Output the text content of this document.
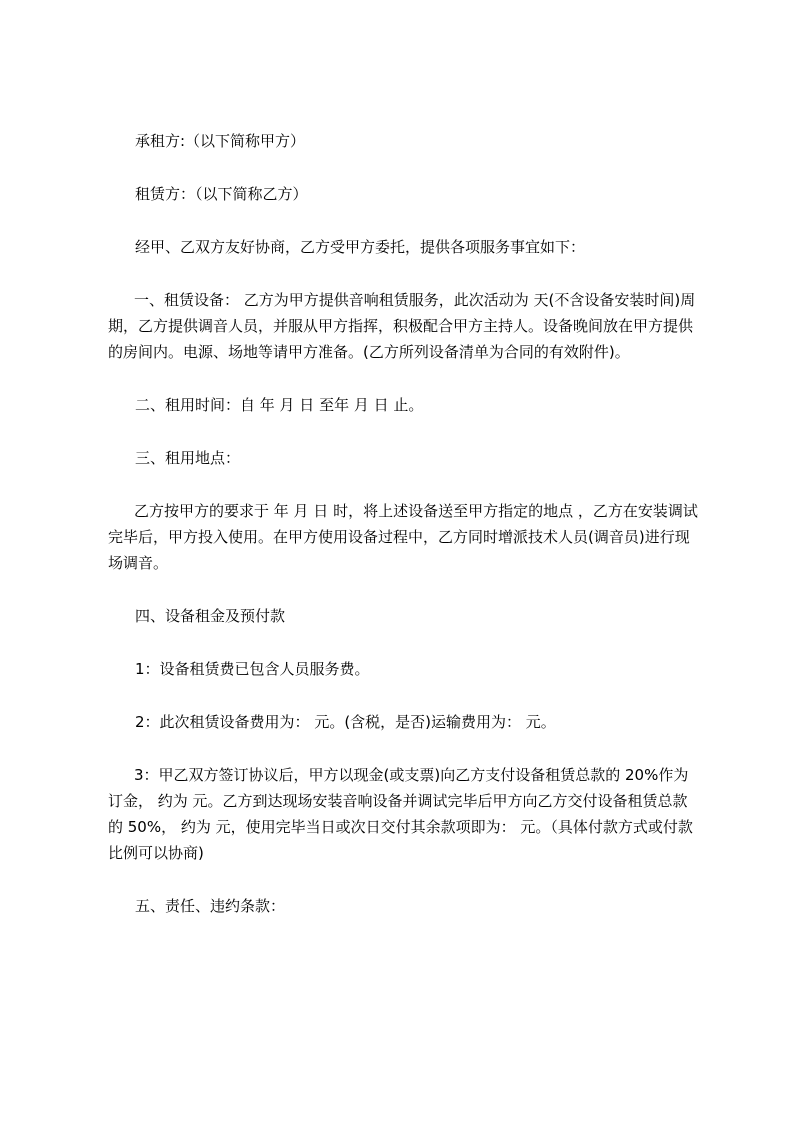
承租方:（以下简称甲方）

租赁方：（以下简称乙方）

经甲、乙双方友好协商，乙方受甲方委托，提供各项服务事宜如下：

一、租赁设备： 乙方为甲方提供音响租赁服务，此次活动为 天(不含设备安装时间)周期，乙方提供调音人员，并服从甲方指挥，积极配合甲方主持人。设备晚间放在甲方提供的房间内。电源、场地等请甲方准备。(乙方所列设备清单为合同的有效附件)。

二、租用时间：自 年 月 日 至年 月 日 止。

三、租用地点：

乙方按甲方的要求于 年 月 日 时，将上述设备送至甲方指定的地点 ，乙方在安装调试完毕后，甲方投入使用。在甲方使用设备过程中，乙方同时增派技术人员(调音员)进行现场调音。

四、设备租金及预付款

1：设备租赁费已包含人员服务费。

2：此次租赁设备费用为： 元。(含税，是否)运输费用为： 元。

3：甲乙双方签订协议后，甲方以现金(或支票)向乙方支付设备租赁总款的 20%作为订金， 约为 元。乙方到达现场安装音响设备并调试完毕后甲方向乙方交付设备租赁总款的 50%， 约为 元，使用完毕当日或次日交付其余款项即为： 元。（具体付款方式或付款比例可以协商)

五、责任、违约条款：
